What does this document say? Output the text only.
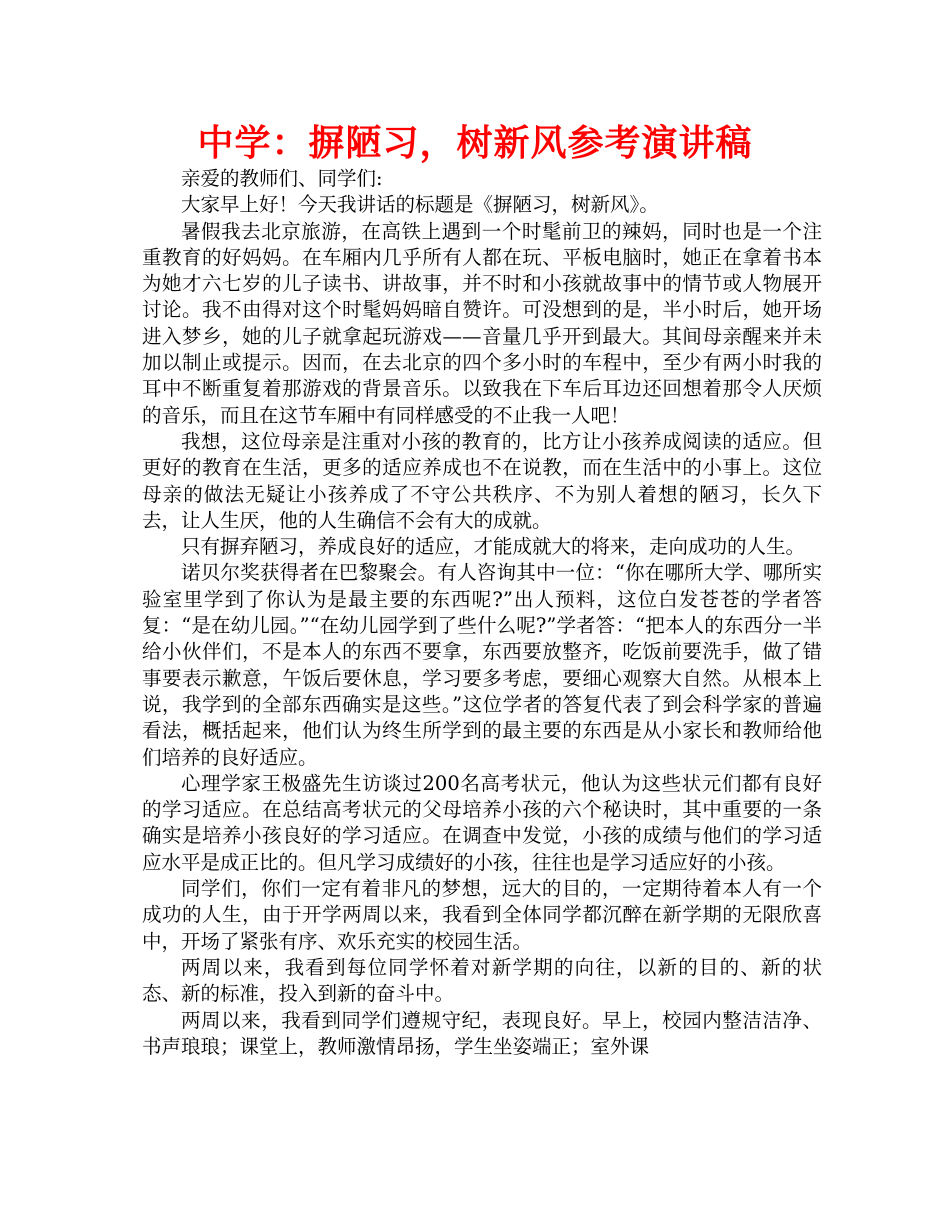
中学：摒陋习，树新风参考演讲稿

亲爱的教师们、同学们:

大家早上好！今天我讲话的标题是《摒陋习，树新风》。

暑假我去北京旅游，在高铁上遇到一个时髦前卫的辣妈，同时也是一个注重教育的好妈妈。在车厢内几乎所有人都在玩、平板电脑时，她正在拿着书本为她才六七岁的儿子读书、讲故事，并不时和小孩就故事中的情节或人物展开讨论。我不由得对这个时髦妈妈暗自赞许。可没想到的是，半小时后，她开场进入梦乡，她的儿子就拿起玩游戏——音量几乎开到最大。其间母亲醒来并未加以制止或提示。因而，在去北京的四个多小时的车程中，至少有两小时我的耳中不断重复着那游戏的背景音乐。以致我在下车后耳边还回想着那令人厌烦的音乐，而且在这节车厢中有同样感受的不止我一人吧！

我想，这位母亲是注重对小孩的教育的，比方让小孩养成阅读的适应。但更好的教育在生活，更多的适应养成也不在说教，而在生活中的小事上。这位母亲的做法无疑让小孩养成了不守公共秩序、不为别人着想的陋习，长久下去，让人生厌，他的人生确信不会有大的成就。

只有摒弃陋习，养成良好的适应，才能成就大的将来，走向成功的人生。

诺贝尔奖获得者在巴黎聚会。有人咨询其中一位：“你在哪所大学、哪所实验室里学到了你认为是最主要的东西呢?”出人预料，这位白发苍苍的学者答复：“是在幼儿园。”“在幼儿园学到了些什么呢?”学者答：“把本人的东西分一半给小伙伴们，不是本人的东西不要拿，东西要放整齐，吃饭前要洗手，做了错事要表示歉意，午饭后要休息，学习要多考虑，要细心观察大自然。从根本上说，我学到的全部东西确实是这些。”这位学者的答复代表了到会科学家的普遍看法，概括起来，他们认为终生所学到的最主要的东西是从小家长和教师给他们培养的良好适应。

心理学家王极盛先生访谈过200名高考状元，他认为这些状元们都有良好的学习适应。在总结高考状元的父母培养小孩的六个秘诀时，其中重要的一条确实是培养小孩良好的学习适应。在调查中发觉，小孩的成绩与他们的学习适应水平是成正比的。但凡学习成绩好的小孩，往往也是学习适应好的小孩。

同学们，你们一定有着非凡的梦想，远大的目的，一定期待着本人有一个成功的人生，由于开学两周以来，我看到全体同学都沉醉在新学期的无限欣喜中，开场了紧张有序、欢乐充实的校园生活。

两周以来，我看到每位同学怀着对新学期的向往，以新的目的、新的状态、新的标准，投入到新的奋斗中。

两周以来，我看到同学们遵规守纪，表现良好。早上，校园内整洁洁净、书声琅琅；课堂上，教师激情昂扬，学生坐姿端正；室外课
